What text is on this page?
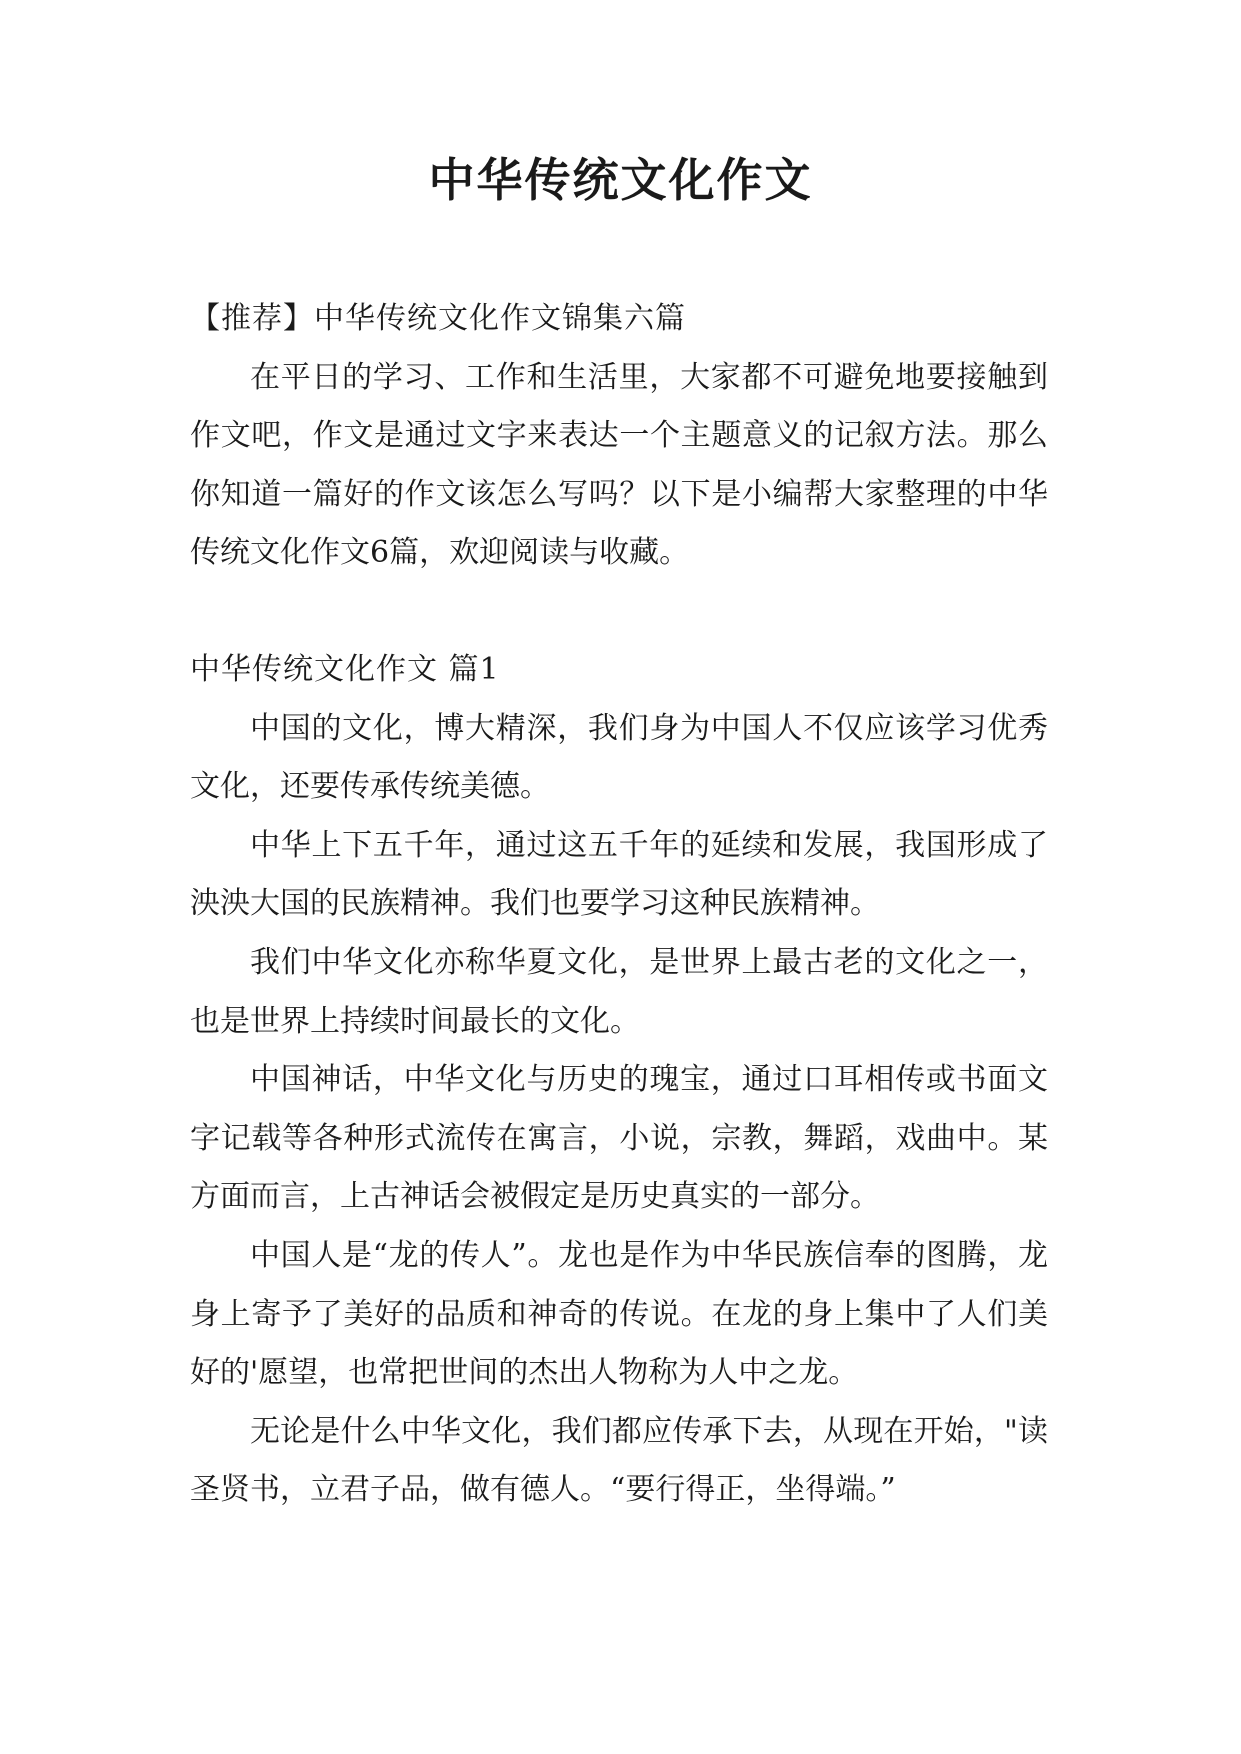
中华传统文化作文

【推荐】中华传统文化作文锦集六篇

在平日的学习、工作和生活里，大家都不可避免地要接触到作文吧，作文是通过文字来表达一个主题意义的记叙方法。那么你知道一篇好的作文该怎么写吗？以下是小编帮大家整理的中华传统文化作文6篇，欢迎阅读与收藏。

中华传统文化作文 篇1

中国的文化，博大精深，我们身为中国人不仅应该学习优秀文化，还要传承传统美德。

中华上下五千年，通过这五千年的延续和发展，我国形成了泱泱大国的民族精神。我们也要学习这种民族精神。

我们中华文化亦称华夏文化，是世界上最古老的文化之一，也是世界上持续时间最长的文化。

中国神话，中华文化与历史的瑰宝，通过口耳相传或书面文字记载等各种形式流传在寓言，小说，宗教，舞蹈，戏曲中。某方面而言，上古神话会被假定是历史真实的一部分。

中国人是“龙的传人”。龙也是作为中华民族信奉的图腾，龙身上寄予了美好的品质和神奇的传说。在龙的身上集中了人们美好的'愿望，也常把世间的杰出人物称为人中之龙。

无论是什么中华文化，我们都应传承下去，从现在开始，"读圣贤书，立君子品，做有德人。“要行得正，坐得端。”
